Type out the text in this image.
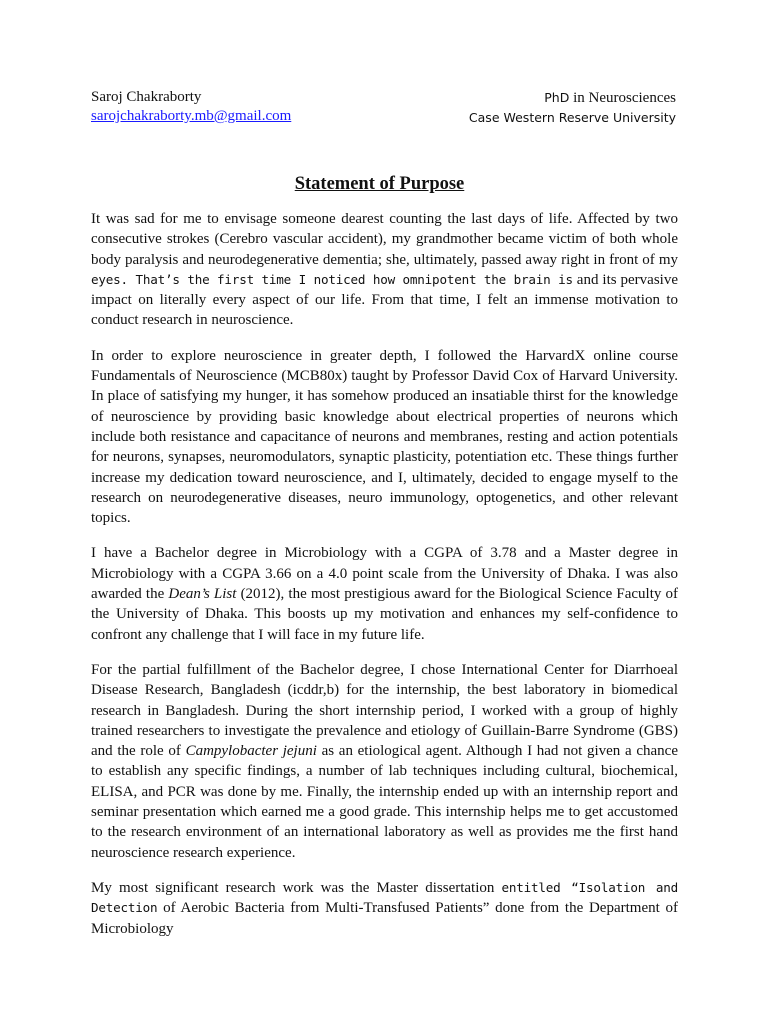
Saroj Chakraborty
sarojchakraborty.mb@gmail.com
PhD in Neurosciences
Case Western Reserve University
Statement of Purpose

It was sad for me to envisage someone dearest counting the last days of life. Affected by two consecutive strokes (Cerebro vascular accident), my grandmother became victim of both whole body paralysis and neurodegenerative dementia; she, ultimately, passed away right in front of my eyes. That’s the first time I noticed how omnipotent the brain is and its pervasive impact on literally every aspect of our life. From that time, I felt an immense motivation to conduct research in neuroscience.

In order to explore neuroscience in greater depth, I followed the HarvardX online course Fundamentals of Neuroscience (MCB80x) taught by Professor David Cox of Harvard University. In place of satisfying my hunger, it has somehow produced an insatiable thirst for the knowledge of neuroscience by providing basic knowledge about electrical properties of neurons which include both resistance and capacitance of neurons and membranes, resting and action potentials for neurons, synapses, neuromodulators, synaptic plasticity, potentiation etc. These things further increase my dedication toward neuroscience, and I, ultimately, decided to engage myself to the research on neurodegenerative diseases, neuro immunology, optogenetics, and other relevant topics.

I have a Bachelor degree in Microbiology with a CGPA of 3.78 and a Master degree in Microbiology with a CGPA 3.66 on a 4.0 point scale from the University of Dhaka. I was also awarded the Dean’s List (2012), the most prestigious award for the Biological Science Faculty of the University of Dhaka. This boosts up my motivation and enhances my self-confidence to confront any challenge that I will face in my future life.

For the partial fulfillment of the Bachelor degree, I chose International Center for Diarrhoeal Disease Research, Bangladesh (icddr,b) for the internship, the best laboratory in biomedical research in Bangladesh. During the short internship period, I worked with a group of highly trained researchers to investigate the prevalence and etiology of Guillain-Barre Syndrome (GBS) and the role of Campylobacter jejuni as an etiological agent. Although I had not given a chance to establish any specific findings, a number of lab techniques including cultural, biochemical, ELISA, and PCR was done by me. Finally, the internship ended up with an internship report and seminar presentation which earned me a good grade. This internship helps me to get accustomed to the research environment of an international laboratory as well as provides me the first hand neuroscience research experience.

My most significant research work was the Master dissertation entitled “Isolation and Detection of Aerobic Bacteria from Multi-Transfused Patients” done from the Department of Microbiology
